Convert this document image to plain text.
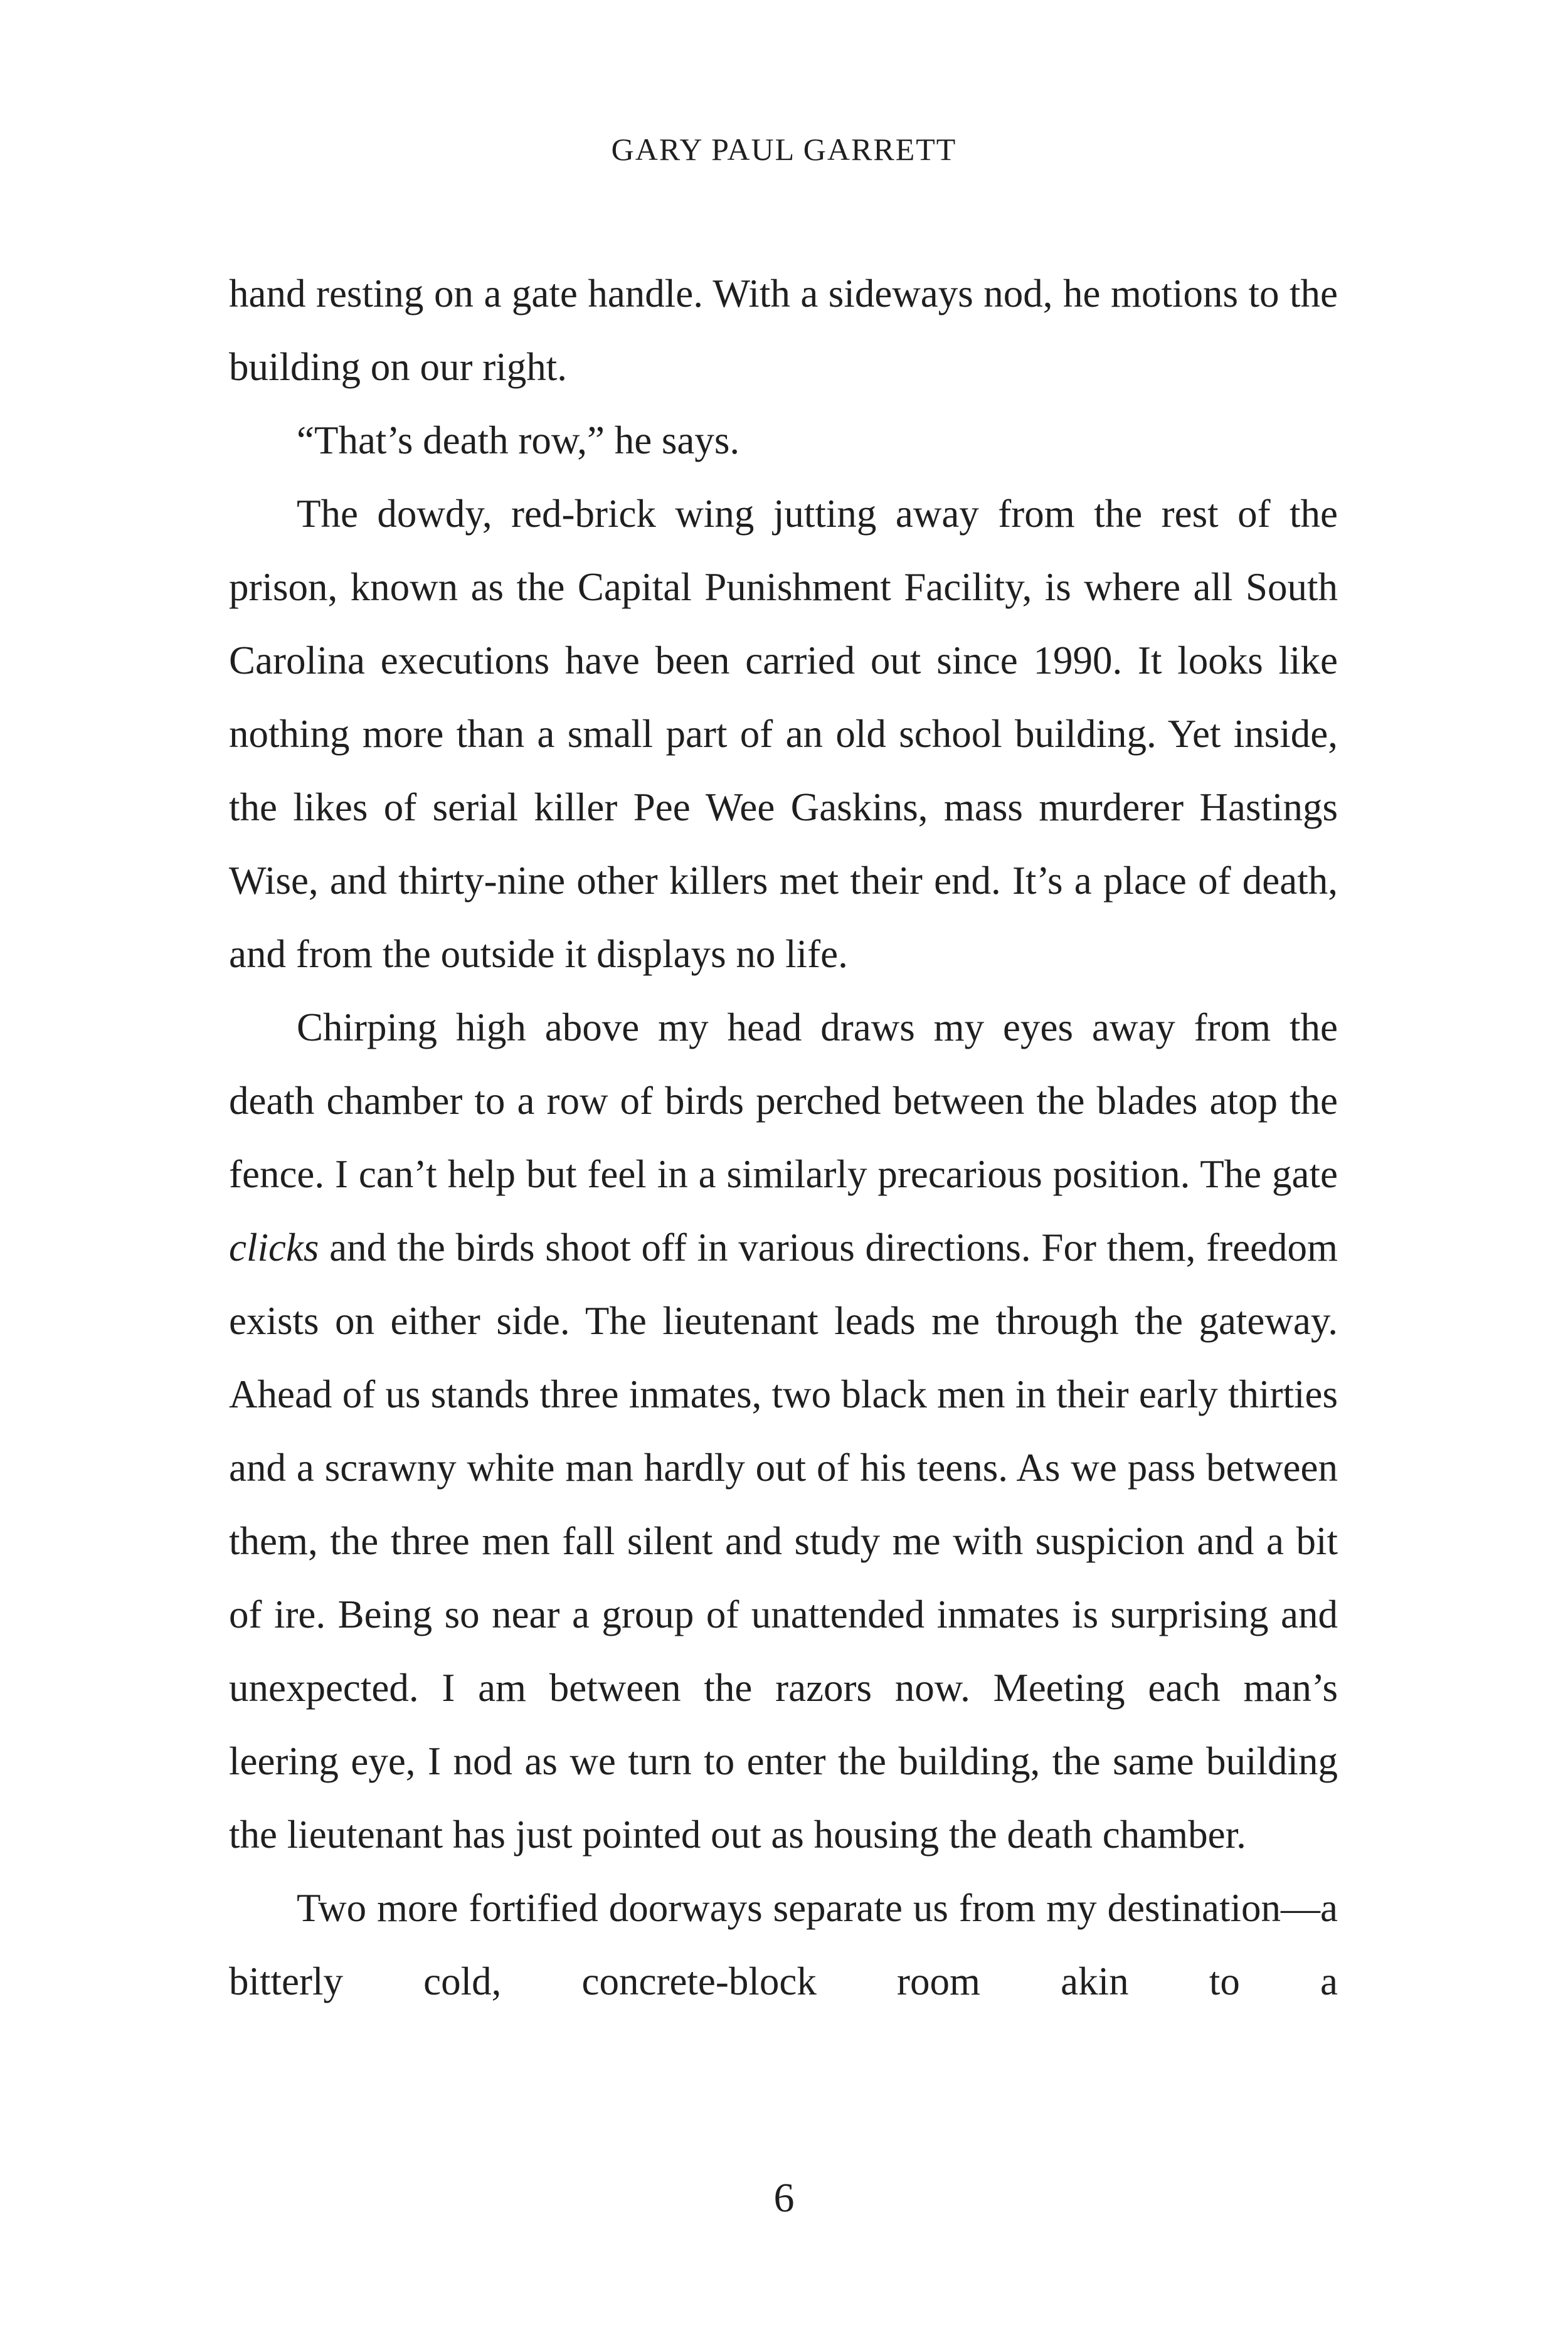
GARY PAUL GARRETT

hand resting on a gate handle. With a sideways nod, he motions to the building on our right.

“That’s death row,” he says.

The dowdy, red-brick wing jutting away from the rest of the prison, known as the Capital Punishment Facility, is where all South Carolina executions have been carried out since 1990. It looks like nothing more than a small part of an old school building. Yet inside, the likes of serial killer Pee Wee Gaskins, mass murderer Hastings Wise, and thirty-nine other killers met their end. It’s a place of death, and from the outside it displays no life.

Chirping high above my head draws my eyes away from the death chamber to a row of birds perched between the blades atop the fence. I can’t help but feel in a similarly precarious position. The gate clicks and the birds shoot off in various directions. For them, freedom exists on either side. The lieutenant leads me through the gateway. Ahead of us stands three inmates, two black men in their early thirties and a scrawny white man hardly out of his teens. As we pass between them, the three men fall silent and study me with suspicion and a bit of ire. Being so near a group of unattended inmates is surprising and unexpected. I am between the razors now. Meeting each man’s leering eye, I nod as we turn to enter the building, the same building the lieutenant has just pointed out as housing the death chamber.

Two more fortified doorways separate us from my destination—a bitterly cold, concrete-block room akin to a

6
